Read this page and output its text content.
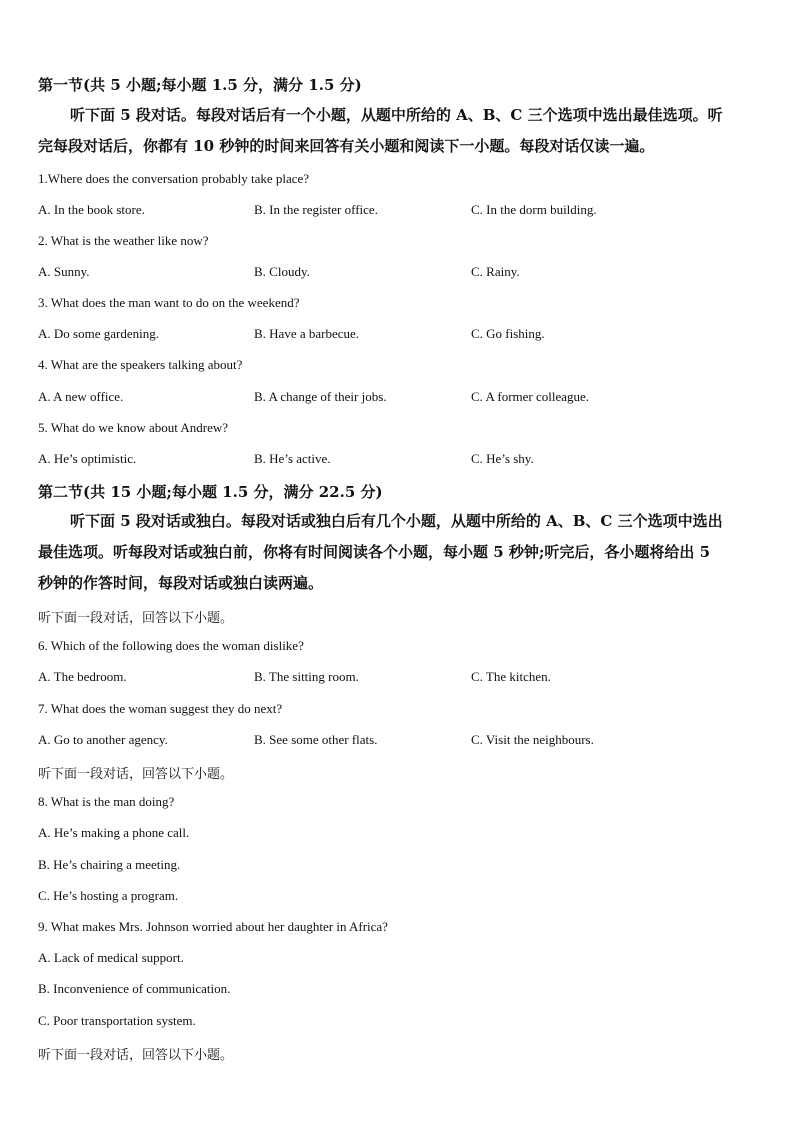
第一节(共 5 小题;每小题 1.5 分，满分 1.5 分)
听下面 5 段对话。每段对话后有一个小题，从题中所给的 A、B、C 三个选项中选出最佳选项。听
完每段对话后，你都有 10 秒钟的时间来回答有关小题和阅读下一小题。每段对话仅读一遍。
1.Where does the conversation probably take place?
A. In the book store.	B. In the register office.	C. In the dorm building.
2. What is the weather like now?
A. Sunny.	B. Cloudy.	C. Rainy.
3. What does the man want to do on the weekend?
A. Do some gardening.	B. Have a barbecue.	C. Go fishing.
4. What are the speakers talking about?
A. A new office.	B. A change of their jobs.	C. A former colleague.
5. What do we know about Andrew?
A. He’s optimistic.	B. He’s active.	C. He’s shy.
第二节(共 15 小题;每小题 1.5 分，满分 22.5 分)
听下面 5 段对话或独白。每段对话或独白后有几个小题，从题中所给的 A、B、C 三个选项中选出
最佳选项。听每段对话或独白前，你将有时间阅读各个小题，每小题 5 秒钟;听完后，各小题将给出 5
秒钟的作答时间，每段对话或独白读两遍。
听下面一段对话，回答以下小题。
6. Which of the following does the woman dislike?
A. The bedroom.	B. The sitting room.	C. The kitchen.
7. What does the woman suggest they do next?
A. Go to another agency.	B. See some other flats.	C. Visit the neighbours.
听下面一段对话，回答以下小题。
8. What is the man doing?
A. He’s making a phone call.
B. He’s chairing a meeting.
C. He’s hosting a program.
9. What makes Mrs. Johnson worried about her daughter in Africa?
A. Lack of medical support.
B. Inconvenience of communication.
C. Poor transportation system.
听下面一段对话，回答以下小题。
